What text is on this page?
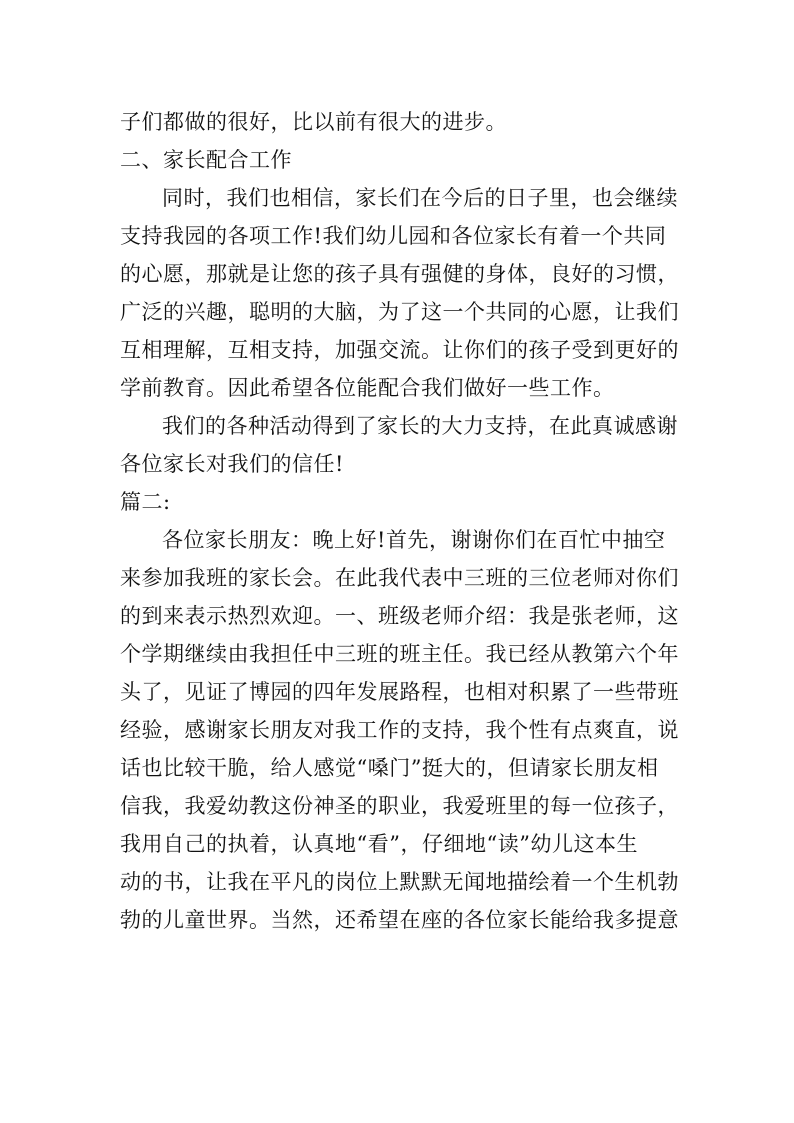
子们都做的很好，比以前有很大的进步。
二、家长配合工作
同时，我们也相信，家长们在今后的日子里，也会继续
支持我园的各项工作!我们幼儿园和各位家长有着一个共同
的心愿，那就是让您的孩子具有强健的身体，良好的习惯，
广泛的兴趣，聪明的大脑，为了这一个共同的心愿，让我们
互相理解，互相支持，加强交流。让你们的孩子受到更好的
学前教育。因此希望各位能配合我们做好一些工作。
我们的各种活动得到了家长的大力支持，在此真诚感谢
各位家长对我们的信任!
篇二:
各位家长朋友：晚上好!首先，谢谢你们在百忙中抽空
来参加我班的家长会。在此我代表中三班的三位老师对你们
的到来表示热烈欢迎。一、班级老师介绍：我是张老师，这
个学期继续由我担任中三班的班主任。我已经从教第六个年
头了，见证了博园的四年发展路程，也相对积累了一些带班
经验，感谢家长朋友对我工作的支持，我个性有点爽直，说
话也比较干脆，给人感觉“嗓门”挺大的，但请家长朋友相
信我，我爱幼教这份神圣的职业，我爱班里的每一位孩子，
我用自己的执着，认真地“看”，仔细地“读”幼儿这本生
动的书，让我在平凡的岗位上默默无闻地描绘着一个生机勃
勃的儿童世界。当然，还希望在座的各位家长能给我多提意
